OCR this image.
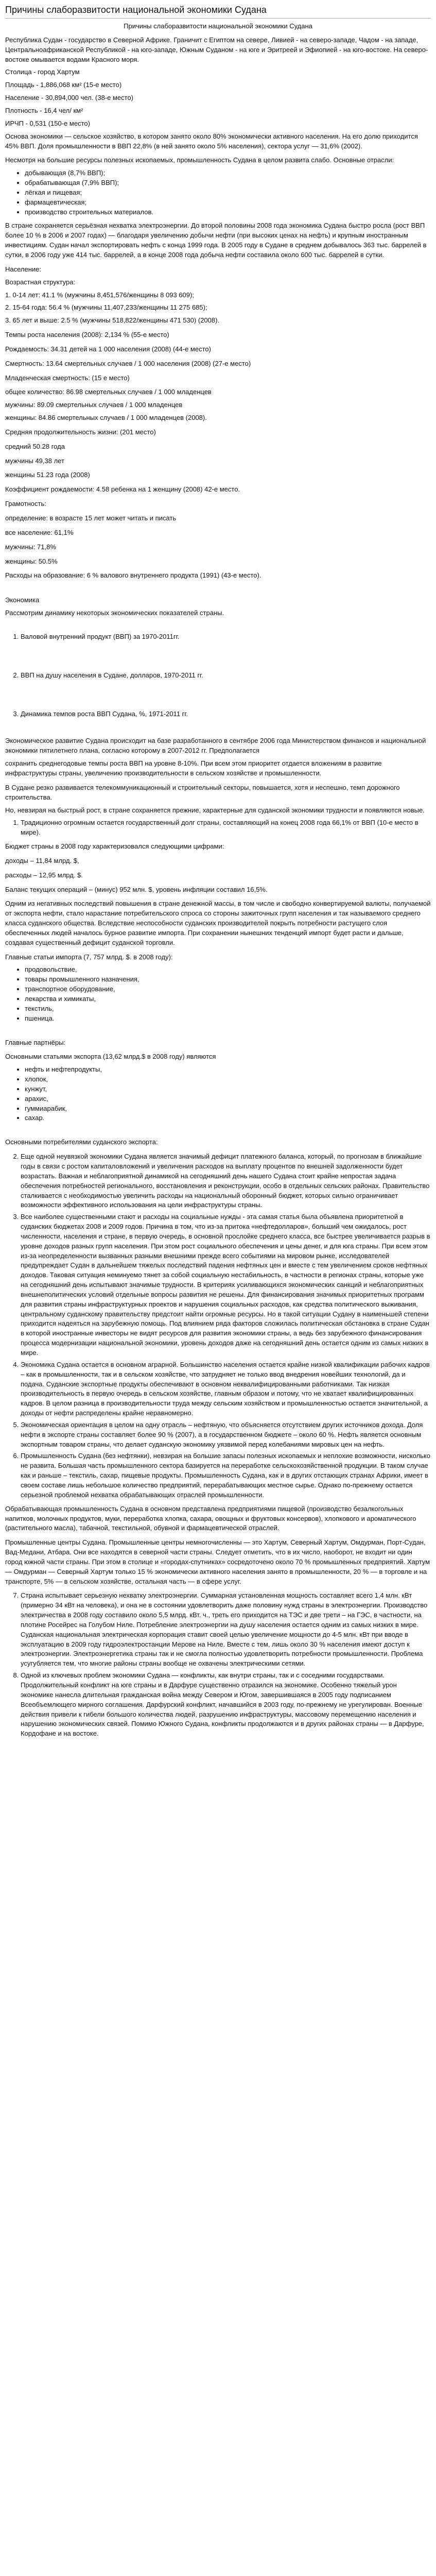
Причины слаборазвитости национальной экономики Судана

Причины слаборазвитости национальной экономики Судана

Республика Судан - государство в Северной Африке. Граничит с Египтом на севере, Ливией - на северо-западе, Чадом - на западе, Центральноафриканской Республикой - на юго-западе, Южным Суданом - на юге и Эритреей и Эфиопией - на юго-востоке. На северо-востоке омывается водами Красного моря.

Столица - город Хартум

Площадь - 1,886,068 км² (15-е место)

Население - 30,894,000 чел. (38-е место)

Плотность - 16,4 чел/ км²

ИРЧП - 0,531 (150-е место)

Основа экономики — сельское хозяйство, в котором занято около 80% экономически активного населения. На его долю приходится 45% ВВП. Доля промышленности в ВВП 22,8% (в ней занято около 5% населения), сектора услуг — 31,6% (2002).

Несмотря на большие ресурсы полезных ископаемых, промышленность Судана в целом развита слабо. Основные отрасли:

• добывающая (8,7% ВВП);
• обрабатывающая (7,9% ВВП);
• лёгкая и пищевая;
• фармацевтическая;
• производство строительных материалов.

В стране сохраняется серьёзная нехватка электроэнергии. До второй половины 2008 года экономика Судана быстро росла (рост ВВП более 10 % в 2006 и 2007 годах) — благодаря увеличению добычи нефти (при высоких ценах на нефть) и крупным иностранным инвестициям. Судан начал экспортировать нефть с конца 1999 года. В 2005 году в Судане в среднем добывалось 363 тыс. баррелей в сутки, в 2006 году уже 414 тыс. баррелей, а в конце 2008 года добыча нефти составила около 600 тыс. баррелей в сутки.

Население:

Возрастная структура:

1. 0-14 лет: 41.1 % (мужчины 8,451,576/женщины 8 093 609);

2. 15-64 года: 56.4 % (мужчины 11,407,233/женщины 11 275 685);

3. 65 лет и выше: 2.5 % (мужчины 518,822/женщины 471 530) (2008).

Темпы роста населения (2008): 2,134 % (55-е место)

Рождаемость: 34.31 детей на 1 000 населения (2008) (44-е место)

Смертность: 13.64 смертельных случаев / 1 000 населения (2008) (27-е место)

Младенческая смертность: (15 е место)

общее количество: 86.98 смертельных случаев / 1 000 младенцев

мужчины: 89.09 смертельных случаев / 1 000 младенцев

женщины: 84.86 смертельных случаев / 1 000 младенцев (2008).

Средняя продолжительность жизни: (201 место)

средний 50.28 года

мужчины 49,38 лет

женщины 51.23 года (2008)

Коэффициент рождаемости: 4.58 ребенка на 1 женщину (2008) 42-е место.

Грамотность:

определение: в возрасте 15 лет может читать и писать

все население: 61,1%

мужчины: 71,8%

женщины: 50.5%

Расходы на образование: 6 % валового внутреннего продукта (1991) (43-е место).

Экономика

Рассмотрим динамику некоторых экономических показателей страны.

1. Валовой внутренний продукт (ВВП) за 1970-2011гг.
2. ВВП на душу населения в Судане, долларов, 1970-2011 гг.
3. Динамика темпов роста ВВП Судана, %, 1971-2011 гг.

Экономическое развитие Судана происходит на базе разработанного в сентябре 2006 года Министерством финансов и национальной экономики пятилетнего плана, согласно которому в 2007-2012 гг. Предполагается

сохранить среднегодовые темпы роста ВВП на уровне 8-10%. При всем этом приоритет отдается вложениям в развитие инфраструктуры страны, увеличению производительности в сельском хозяйстве и промышленности.

В Судане резко развивается телекоммуникационный и строительный секторы, повышается, хотя и неспешно, темп дорожного строительства.

Но, невзирая на быстрый рост, в стране сохраняется прежние, характерные для суданской экономики трудности и появляются новые.

1. Традиционно огромным остается государственный долг страны, составляющий на конец 2008 года 66,1% от ВВП (10-е место в мире).

Бюджет страны в 2008 году характеризовался следующими цифрами:

доходы – 11,84 млрд. $,

расходы – 12,95 млрд. $.

Баланс текущих операций – (минус) 952 млн. $, уровень инфляции составил 16,5%.

Одним из негативных последствий повышения в стране денежной массы, в том числе и свободно конвертируемой валюты, получаемой от экспорта нефти, стало нарастание потребительского спроса со стороны зажиточных групп населения и так называемого среднего класса суданского общества. Вследствие неспособности суданских производителей покрыть потребности растущего слоя обеспеченных людей началось бурное развитие импорта. При сохранении нынешних тенденций импорт будет расти и дальше, создавая существенный дефицит суданской торговли.

Главные статьи импорта (7, 757 млрд. $. в 2008 году):

• продовольствие,
• товары промышленного назначения,
• транспортное оборудование,
• лекарства и химикаты,
• текстиль,
• пшеница.

Главные партнёры:

Основными статьями экспорта (13,62 млрд.$ в 2008 году) являются

• нефть и нефтепродукты,
• хлопок,
• кунжут,
• арахис,
• гуммиарабик,
• сахар.

Основными потребителями суданского экспорта:

2. Еще одной неувязкой экономики Судана является значимый дефицит платежного баланса, который, по прогнозам в ближайшие годы в связи с ростом капиталовложений и увеличения расходов на выплату процентов по внешней задолженности будет возрастать. Важная и неблагоприятной динамикой на сегодняшний день нашего Судана стоит крайне непростая задача обеспечения потребностей регионального, восстановления и реконструкции, особо в отдельных сельских районах. Правительство сталкивается с необходимостью увеличить расходы на национальный оборонный бюджет, которых сильно ограничивает возможности эффективного использования на цели инфраструктуры страны.
3. Все наиболее существенными стают и расходы на социальные нужды - эта самая статья была объявлена приоритетной в суданских бюджетах 2008 и 2009 годов. Причина в том, что из-за притока «нефтедолларов», больший чем ожидалось, рост численности, населения и стране, в первую очередь, в основной прослойке среднего класса, все быстрее увеличивается разрыв в уровне доходов разных групп населения. При этом рост социального обеспечения и цены денег, и для юга страны. При всем этом из-за неопределенности вызванных разными внешними прежде всего событиями на мировом рынке, исследователей предупреждает Судан в дальнейшем тяжелых последствий падения нефтяных цен и вместе с тем увеличением сроков нефтяных доходов. Таковая ситуация неминуемо тянет за собой социальную нестабильность, в частности в регионах страны, которые уже на сегодняшний день испытывают значимые трудности. В критериях усиливающихся экономических санкций и неблагоприятных внешнеполитических условий отдельные вопросы развития не решены. Для финансирования значимых приоритетных программ для развития страны инфраструктурных проектов и нарушения социальных расходов, как средства политического выживания, центральному суданскому правительству предстоит найти огромные ресурсы. Но в такой ситуации Судану в наименьшей степени приходится надеяться на зарубежную помощь. Под влиянием ряда факторов сложилась политическая обстановка в стране Судан в которой иностранные инвесторы не видят ресурсов для развития экономики страны, а ведь без зарубежного финансирования процесса модернизации национальной экономики, уровень доходов даже на сегодняшний день остается одним из самых низких в мире.
4. Экономика Судана остается в основном аграрной. Большинство населения остается крайне низкой квалификации рабочих кадров – как в промышленности, так и в сельском хозяйстве, что затрудняет не только ввод внедрения новейших технологий, да и подача. Суданские экспортные продукты обеспечивают в основном неквалифицированными работниками. Так низкая производительность в первую очередь в сельском хозяйстве, главным образом и потому, что не хватает квалифицированных кадров. В целом разница в производительности труда между сельским хозяйством и промышленностью остается значительной, а доходы от нефти распределены крайне неравномерно.
5. Экономическая ориентация в целом на одну отрасль – нефтяную, что объясняется отсутствием других источников дохода. Доля нефти в экспорте страны составляет более 90 % (2007), а в государственном бюджете – около 60 %. Нефть является основным экспортным товаром страны, что делает суданскую экономику уязвимой перед колебаниями мировых цен на нефть.
6. Промышленность Судана (без нефтянки), невзирая на большие запасы полезных ископаемых и неплохие возможности, нисколько не развита. Большая часть промышленного сектора базируется на переработке сельскохозяйственной продукции. В таком случае как и раньше – текстиль, сахар, пищевые продукты. Промышленность Судана, как и в других отстающих странах Африки, имеет в своем составе лишь небольшое количество предприятий, перерабатывающих местное сырье. Однако по-прежнему остается серьезной проблемой нехватка обрабатывающих отраслей промышленности.

Обрабатывающая промышленность Судана в основном представлена предприятиями пищевой (производство безалкогольных напитков, молочных продуктов, муки, переработка хлопка, сахара, овощных и фруктовых консервов), хлопкового и ароматического (растительного масла), табачной, текстильной, обувной и фармацевтической отраслей.

Промышленные центры Судана. Промышленные центры немногочисленны — это Хартум, Северный Хартум, Омдурман, Порт-Судан, Вад-Медани, Атбара. Они все находятся в северной части страны. Следует отметить, что в их число, наоборот, не входит ни один город южной части страны. При этом в столице и «городах-спутниках» сосредоточено около 70 % промышленных предприятий. Хартум — Омдурман — Северный Хартум только 15 % экономически активного населения занято в промышленности, 20 % — в торговле и на транспорте, 5% — в сельском хозяйстве, остальная часть — в сфере услуг.

7. Страна испытывает серьезную нехватку электроэнергии. Суммарная установленная мощность составляет всего 1,4 млн. кВт (примерно 34 кВт на человека), и она не в состоянии удовлетворить даже половину нужд страны в электроэнергии. Производство электричества в 2008 году составило около 5,5 млрд. кВт. ч., треть его приходится на ТЭС и две трети – на ГЭС, в частности, на плотине Росейрес на Голубом Ниле. Потребление электроэнергии на душу населения остается одним из самых низких в мире. Суданская национальная электрическая корпорация ставит своей целью увеличение мощности до 4-5 млн. кВт при вводе в эксплуатацию в 2009 году гидроэлектростанции Мерове на Ниле. Вместе с тем, лишь около 30 % населения имеют доступ к электроэнергии. Электроэнергетика страны так и не смогла полностью удовлетворить потребности промышленности. Проблема усугубляется тем, что многие районы страны вообще не охвачены электрическими сетями.
8. Одной из ключевых проблем экономики Судана — конфликты, как внутри страны, так и с соседними государствами. Продолжительный конфликт на юге страны и в Дарфуре существенно отразился на экономике. Особенно тяжелый урон экономике нанесла длительная гражданская война между Севером и Югом, завершившаяся в 2005 году подписанием Всеобъемлющего мирного соглашения. Дарфурский конфликт, начавшийся в 2003 году, по-прежнему не урегулирован. Военные действия привели к гибели большого количества людей, разрушению инфраструктуры, массовому перемещению населения и нарушению экономических связей. Помимо Южного Судана, конфликты продолжаются и в других районах страны — в Дарфуре, Кордофане и на востоке.
